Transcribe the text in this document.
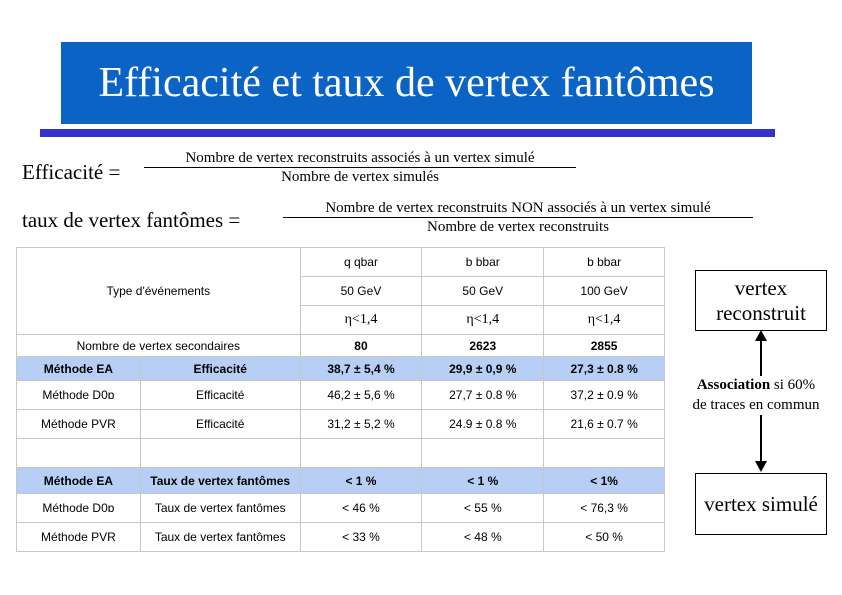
Efficacité et taux de vertex fantômes
Efficacité =
Nombre de vertex reconstruits associés à un vertex simulé
Nombre de vertex simulés
taux de vertex fantômes =	Nombre de vertex reconstruits NON associés à un vertex simulé
Nombre de vertex reconstruits
Type d'événements		q qbar	b bbar	b bbar
		50 GeV	50 GeV	100 GeV
		η<1,4	η<1,4	η<1,4
Nombre de vertex secondaires		80	2623	2855
Méthode EA	Efficacité	38,7 ± 5,4 %	29,9 ± 0,9 %	27,3 ± 0.8 %
Méthode D0ɒ	Efficacité	46,2 ± 5,6 %	27,7 ± 0.8 %	37,2 ± 0.9 %
Méthode PVR	Efficacité	31,2 ± 5,2 %	24.9 ± 0.8 %	21,6 ± 0.7 %

Méthode EA	Taux de vertex fantômes	< 1 %	< 1 %	< 1%
Méthode D0ɒ	Taux de vertex fantômes	< 46 %	< 55 %	< 76,3 %
Méthode PVR	Taux de vertex fantômes	< 33 %	< 48 %	< 50 %
vertex reconstruit
Association si 60%
de traces en commun
vertex simulé
